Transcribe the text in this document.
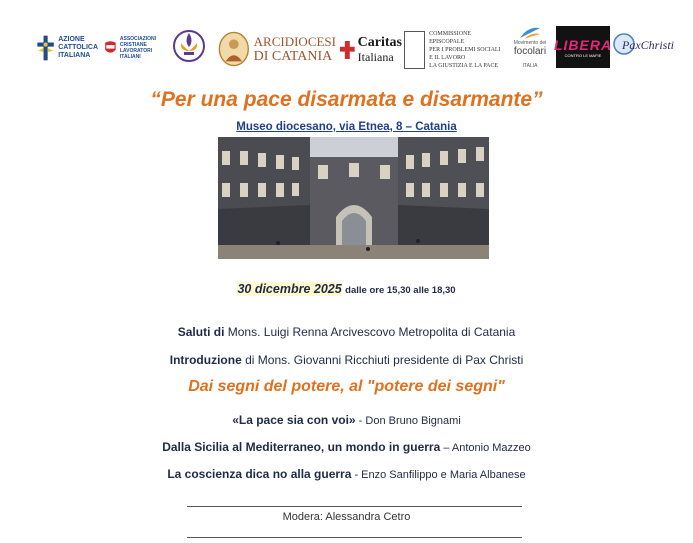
AZIONE
CATTOLICA
ITALIANA
ASSOCIAZIONI
CRISTIANE
LAVORATORI
ITALIANI
ARCIDIOCESI
DI CATANIA
Caritas
Italiana
COMMISSIONE EPISCOPALE
PER I PROBLEMI SOCIALI
E IL LAVORO
LA GIUSTIZIA E LA PACE
Movimento dei
focolari
ITALIA
LIBERA
CONTRO LE MAFIE
PaxChristi
“Per una pace disarmata e disarmante”
Museo diocesano, via Etnea, 8 – Catania
30 dicembre 2025 dalle ore 15,30 alle 18,30
Saluti di Mons. Luigi Renna Arcivescovo Metropolita di Catania
Introduzione di Mons. Giovanni Ricchiuti presidente di Pax Christi
Dai segni del potere, al "potere dei segni"
«La pace sia con voi» - Don Bruno Bignami
Dalla Sicilia al Mediterraneo, un mondo in guerra – Antonio Mazzeo
La coscienza dica no alla guerra - Enzo Sanfilippo e Maria Albanese
Modera: Alessandra Cetro
